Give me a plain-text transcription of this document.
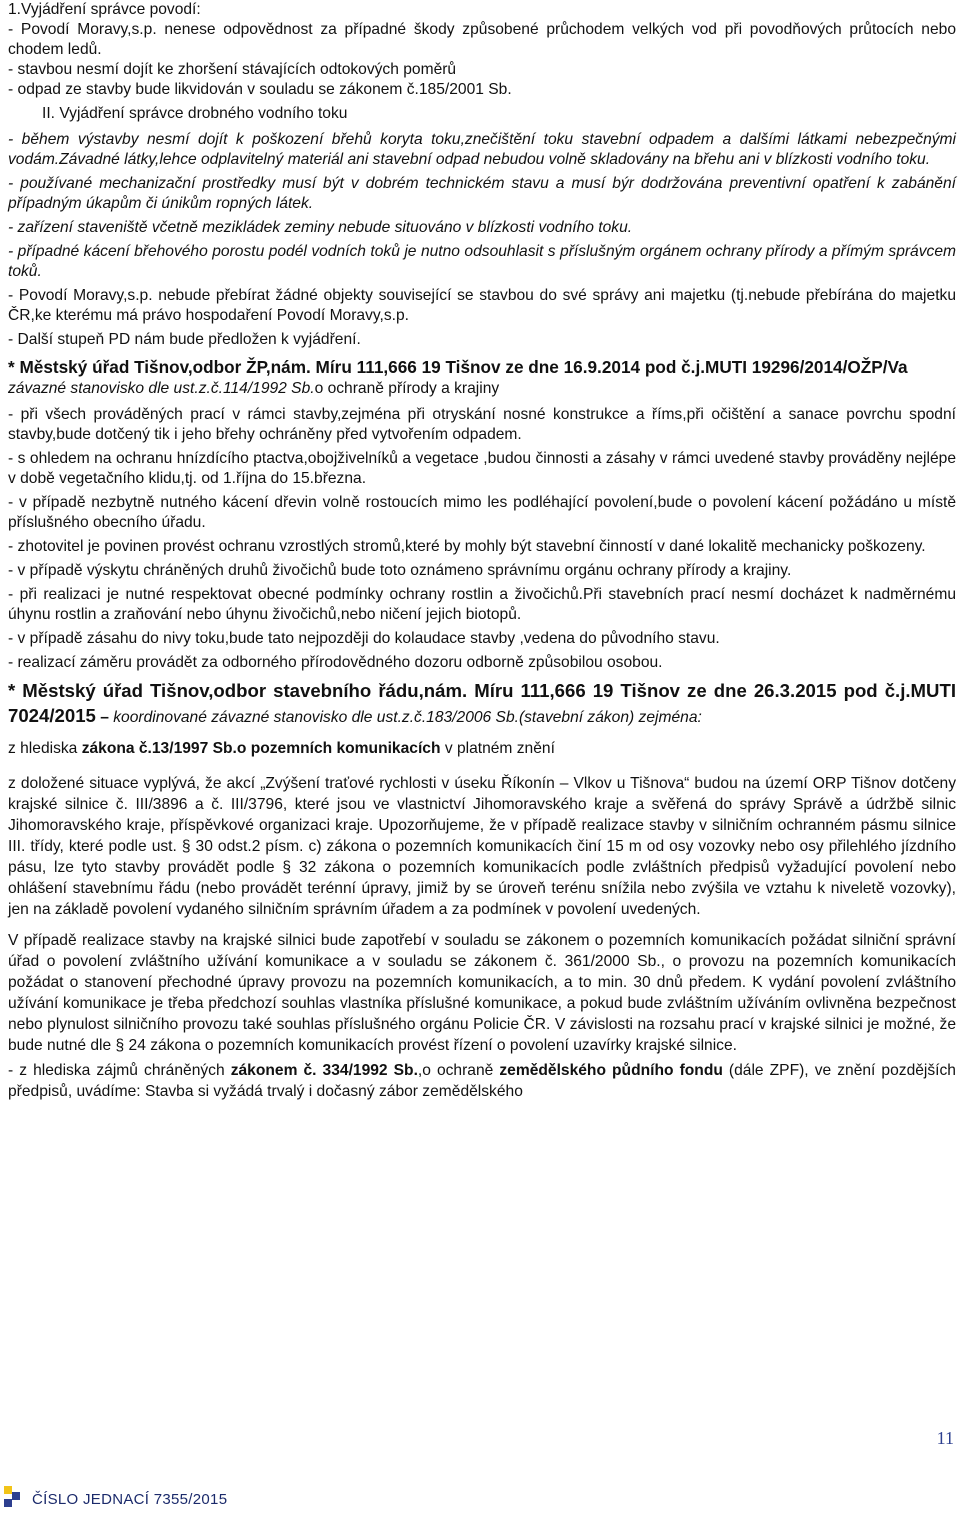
1.Vyjádření správce povodí:

- Povodí Moravy,s.p. nenese odpovědnost za případné škody způsobené průchodem velkých vod při povodňových průtocích nebo chodem ledů.

- stavbou nesmí dojít ke zhoršení stávajících odtokových poměrů

- odpad ze stavby bude likvidován v souladu se zákonem č.185/2001 Sb.

II. Vyjádření správce drobného vodního toku

- během výstavby nesmí dojít k poškození břehů koryta toku,znečištění toku stavební odpadem a dalšími látkami nebezpečnými vodám.Závadné látky,lehce odplavitelný materiál ani stavební odpad nebudou volně skladovány na břehu ani v blízkosti vodního toku.

- používané mechanizační prostředky musí být v dobrém technickém stavu a musí býr dodržována preventivní opatření k zabánění případným úkapům či únikům ropných látek.

- zařízení staveniště včetně mezikládek zeminy nebude situováno v blízkosti vodního toku.

- případné kácení břehového porostu podél vodních toků je nutno odsouhlasit s příslušným orgánem ochrany přírody a přímým správcem toků.

- Povodí Moravy,s.p. nebude přebírat žádné objekty související se stavbou do své správy ani majetku (tj.nebude přebírána do majetku ČR,ke kterému má právo hospodaření Povodí Moravy,s.p.

- Další stupeň PD nám bude předložen k vyjádření.

* Městský úřad Tišnov,odbor ŽP,nám. Míru 111,666 19 Tišnov ze dne 16.9.2014 pod č.j.MUTI 19296/2014/OŽP/Va závazné stanovisko dle ust.z.č.114/1992 Sb.o ochraně přírody a krajiny

- při všech prováděných prací v rámci stavby,zejména při otryskání nosné konstrukce a říms,při očištění a sanace povrchu spodní stavby,bude dotčený tik i jeho břehy ochráněny před vytvořením odpadem.

- s ohledem na ochranu hnízdícího ptactva,obojživelníků a vegetace ,budou činnosti a zásahy v rámci uvedené stavby prováděny nejlépe v době vegetačního klidu,tj. od 1.října do 15.března.

- v případě nezbytně nutného kácení dřevin volně rostoucích mimo les podléhající povolení,bude o povolení kácení požádáno u místě příslušného obecního úřadu.

- zhotovitel je povinen provést ochranu vzrostlých stromů,které by mohly být stavební činností v dané lokalitě mechanicky poškozeny.

- v případě výskytu chráněných druhů živočichů bude toto oznámeno správnímu orgánu ochrany přírody a krajiny.

- při realizaci je nutné respektovat obecné podmínky ochrany rostlin a živočichů.Při stavebních prací nesmí docházet k nadměrnému úhynu rostlin a zraňování nebo úhynu živočichů,nebo ničení jejich biotopů.

- v případě zásahu do nivy toku,bude tato nejpozději do kolaudace stavby ,vedena do původního stavu.

- realizací záměru provádět za odborného přírodovědného dozoru odborně způsobilou osobou.

* Městský úřad Tišnov,odbor stavebního řádu,nám. Míru 111,666 19 Tišnov ze dne 26.3.2015 pod č.j.MUTI 7024/2015 – koordinované závazné stanovisko dle ust.z.č.183/2006 Sb.(stavební zákon) zejména:

z hlediska zákona č.13/1997 Sb.o pozemních komunikacích v platném znění

z doložené situace vyplývá, že akcí „Zvýšení traťové rychlosti v úseku Říkonín – Vlkov u Tišnova“ budou na území ORP Tišnov dotčeny krajské silnice č. III/3896 a č. III/3796, které jsou ve vlastnictví Jihomoravského kraje a svěřená do správy Správě a údržbě silnic Jihomoravského kraje, příspěvkové organizaci kraje. Upozorňujeme, že v případě realizace stavby v silničním ochranném pásmu silnice III. třídy, které podle ust. § 30 odst.2 písm. c) zákona o pozemních komunikacích činí 15 m od osy vozovky nebo osy přilehlého jízdního pásu, lze tyto stavby provádět podle § 32 zákona o pozemních komunikacích podle zvláštních předpisů vyžadující povolení nebo ohlášení stavebnímu řádu (nebo provádět terénní úpravy, jimiž by se úroveň terénu snížila nebo zvýšila ve vztahu k niveletě vozovky), jen na základě povolení vydaného silničním správním úřadem a za podmínek v povolení uvedených.

V případě realizace stavby na krajské silnici bude zapotřebí v souladu se zákonem o pozemních komunikacích požádat silniční správní úřad o povolení zvláštního užívání komunikace a v souladu se zákonem č. 361/2000 Sb., o provozu na pozemních komunikacích požádat o stanovení přechodné úpravy provozu na pozemních komunikacích, a to min. 30 dnů předem. K vydání povolení zvláštního užívání komunikace je třeba předchozí souhlas vlastníka příslušné komunikace, a pokud bude zvláštním užíváním ovlivněna bezpečnost nebo plynulost silničního provozu také souhlas příslušného orgánu Policie ČR. V závislosti na rozsahu prací v krajské silnici je možné, že bude nutné dle § 24 zákona o pozemních komunikacích provést řízení o povolení uzavírky krajské silnice.

- z hlediska zájmů chráněných zákonem č. 334/1992 Sb.,o ochraně zemědělského půdního fondu (dále ZPF), ve znění pozdějších předpisů, uvádíme: Stavba si vyžádá trvalý i dočasný zábor zemědělského

11
ČÍSLO JEDNACÍ 7355/2015
